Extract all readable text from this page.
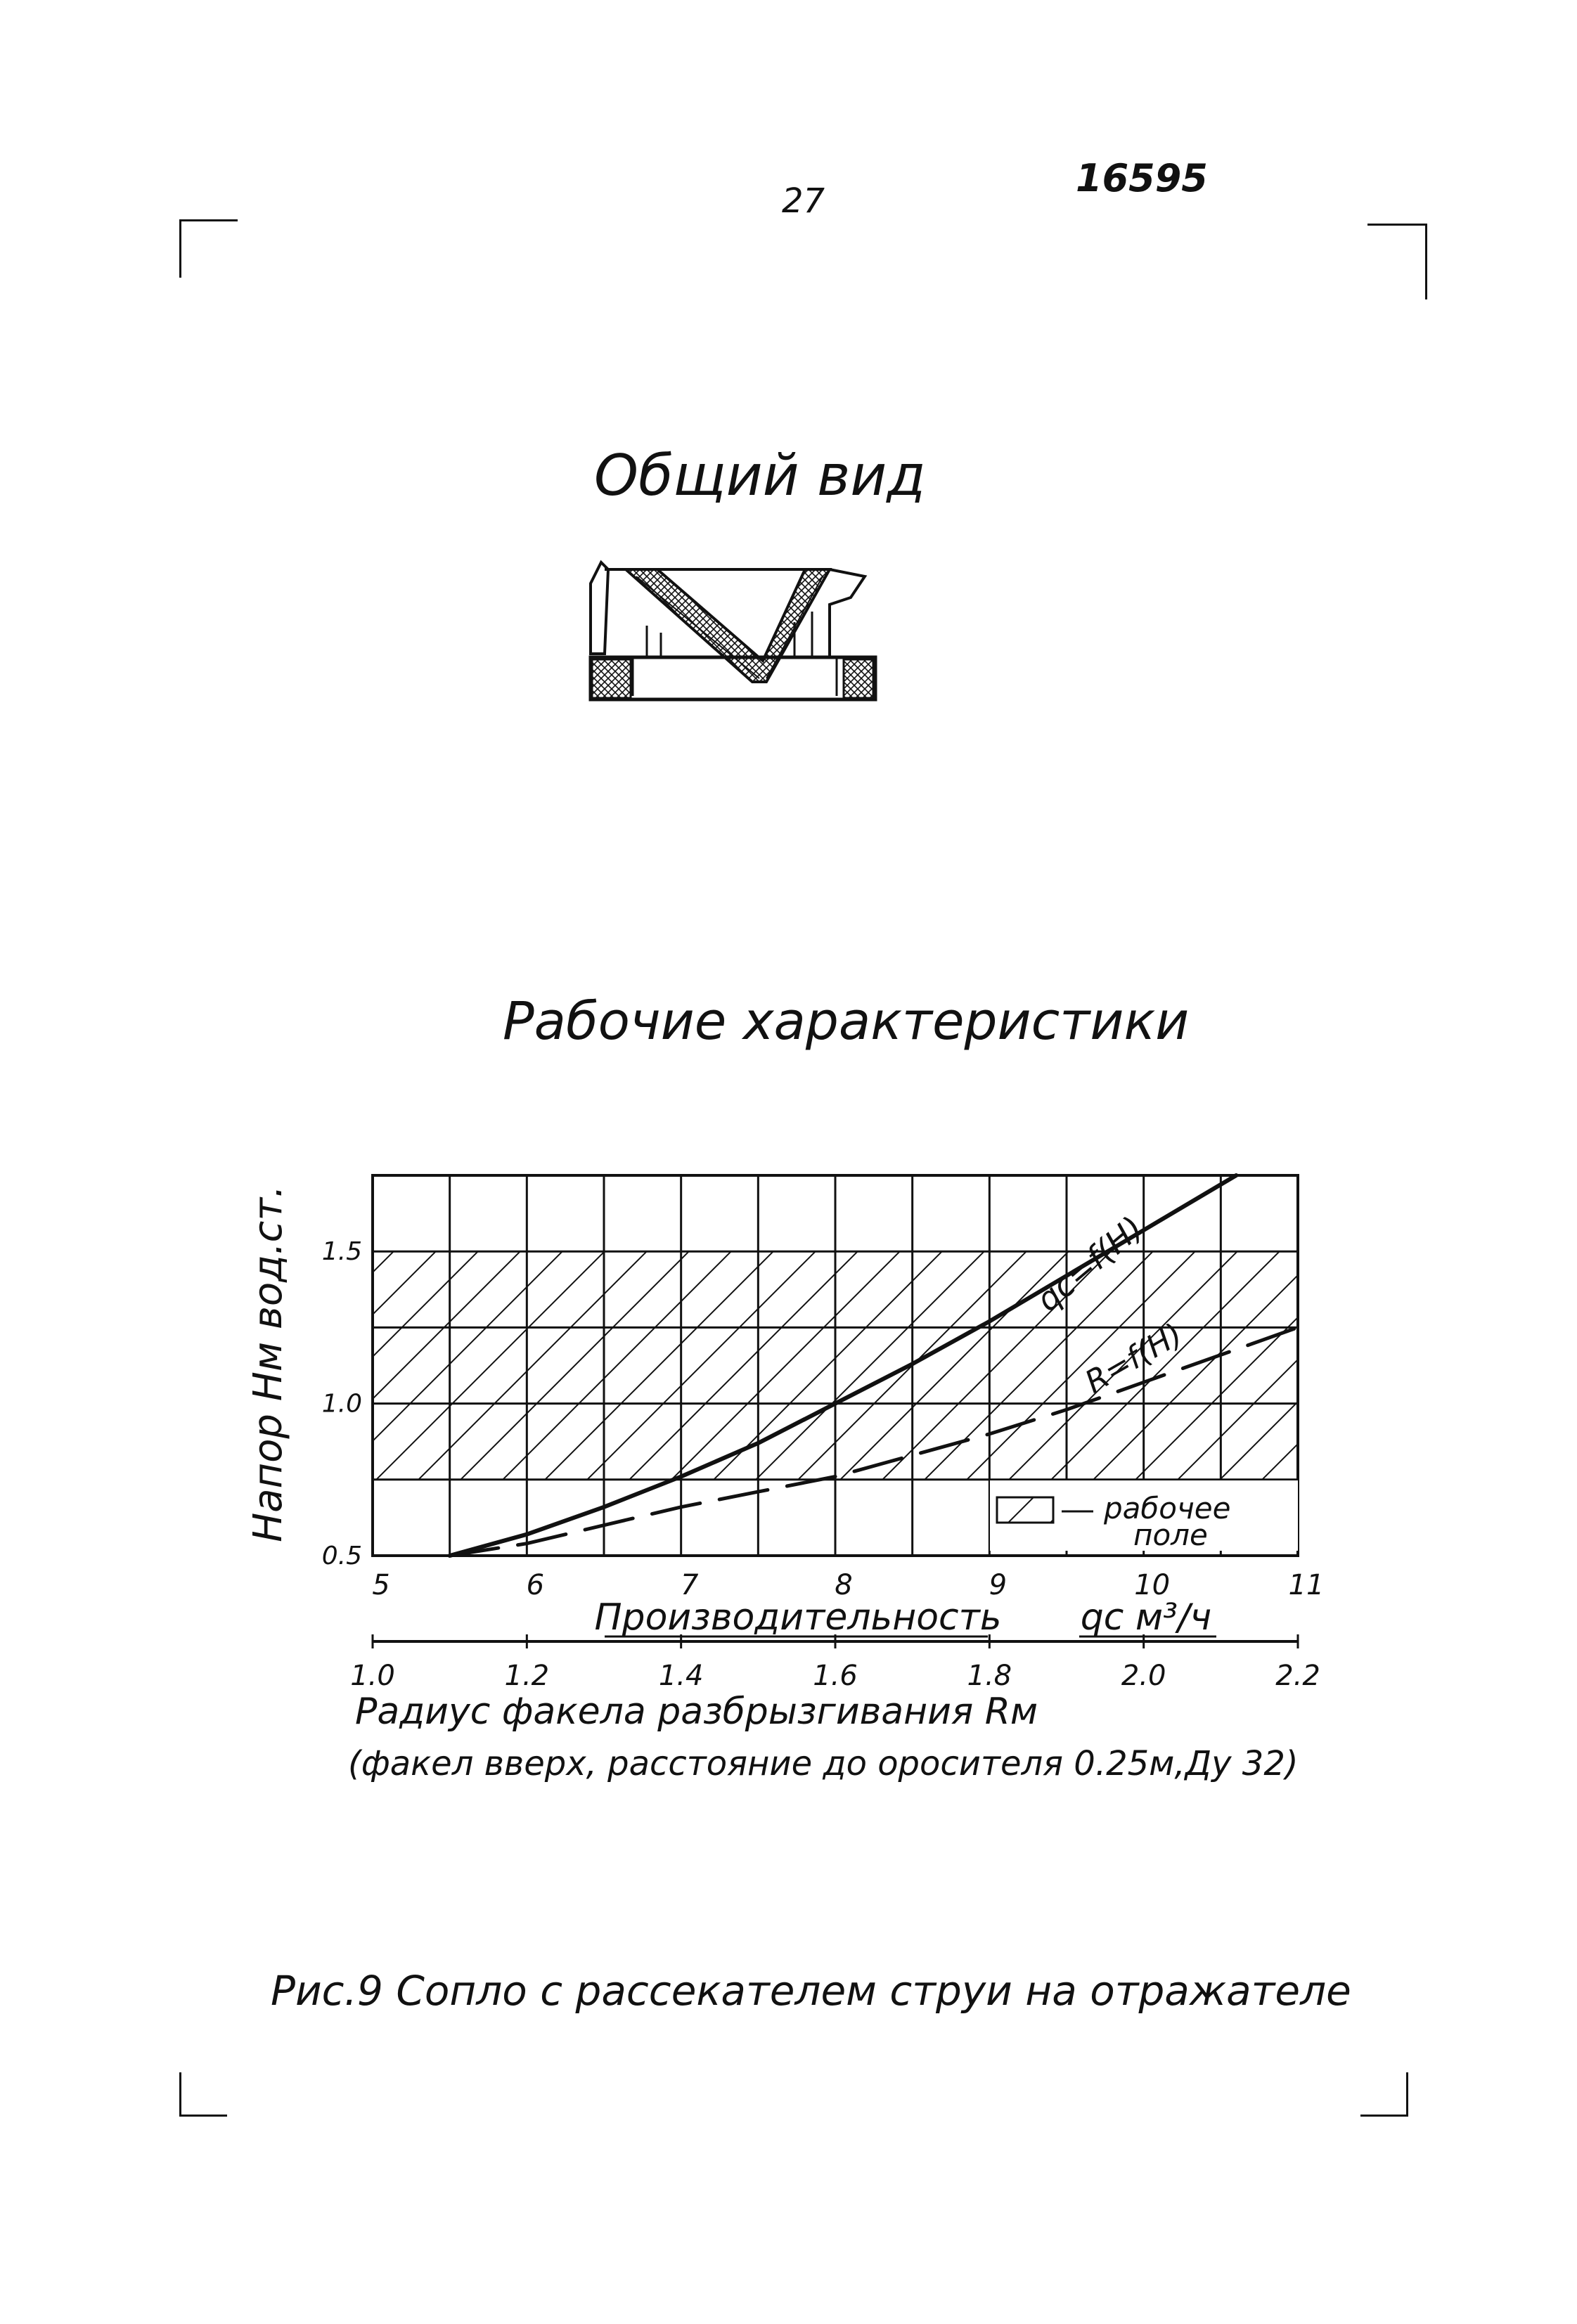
27
16595
Общий вид
Рабочие характеристики
рабочее
поле
0.5
1.0
1.5
5	6	7	8	9	10	11
1.0	1.2	1.4	1.6	1.8	2.0	2.2
qc=f(H)
R=f(H)
Производительность qc м³/ч
Радиус факела разбрызгивания Rм
(факел вверх, расстояние до оросителя 0.25м,Ду 32)
Напор Нм вод.ст.
Рис.9 Сопло с рассекателем струи на отражателе
